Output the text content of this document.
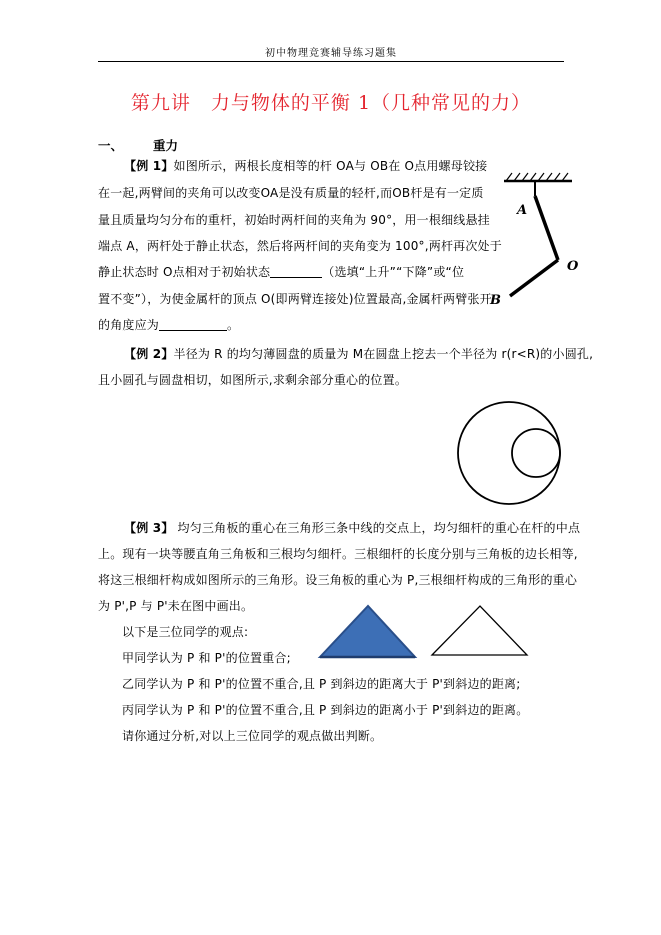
初中物理竞赛辅导练习题集
第九讲　力与物体的平衡 1（几种常见的力）
一、 重力
【例 1】如图所示，两根长度相等的杆 OA与 OB在 O点用螺母铰接
在一起,两臂间的夹角可以改变OA是没有质量的轻杆,而OB杆是有一定质
量且质量均匀分布的重杆，初始时两杆间的夹角为 90°，用一根细线悬挂
端点 A，两杆处于静止状态，然后将两杆间的夹角变为 100°,两杆再次处于
静止状态时 O点相对于初始状态	（选填“上升”“下降”或“位
置不变”），为使金属杆的顶点 O(即两臂连接处)位置最高,金属杆两臂张开
的角度应为	。
A
O
B
【例 2】半径为 R 的均匀薄圆盘的质量为 M在圆盘上挖去一个半径为 r(r<R)的小圆孔,
且小圆孔与圆盘相切，如图所示,求剩余部分重心的位置。
【例 3】 均匀三角板的重心在三角形三条中线的交点上，均匀细杆的重心在杆的中点
上。现有一块等腰直角三角板和三根均匀细杆。三根细杆的长度分别与三角板的边长相等,
将这三根细杆构成如图所示的三角形。设三角板的重心为 P,三根细杆构成的三角形的重心
为 P',P 与 P'未在图中画出。
以下是三位同学的观点:
甲同学认为 P 和 P'的位置重合;
乙同学认为 P 和 P'的位置不重合,且 P 到斜边的距离大于 P'到斜边的距离;
丙同学认为 P 和 P'的位置不重合,且 P 到斜边的距离小于 P'到斜边的距离。
请你通过分析,对以上三位同学的观点做出判断。
